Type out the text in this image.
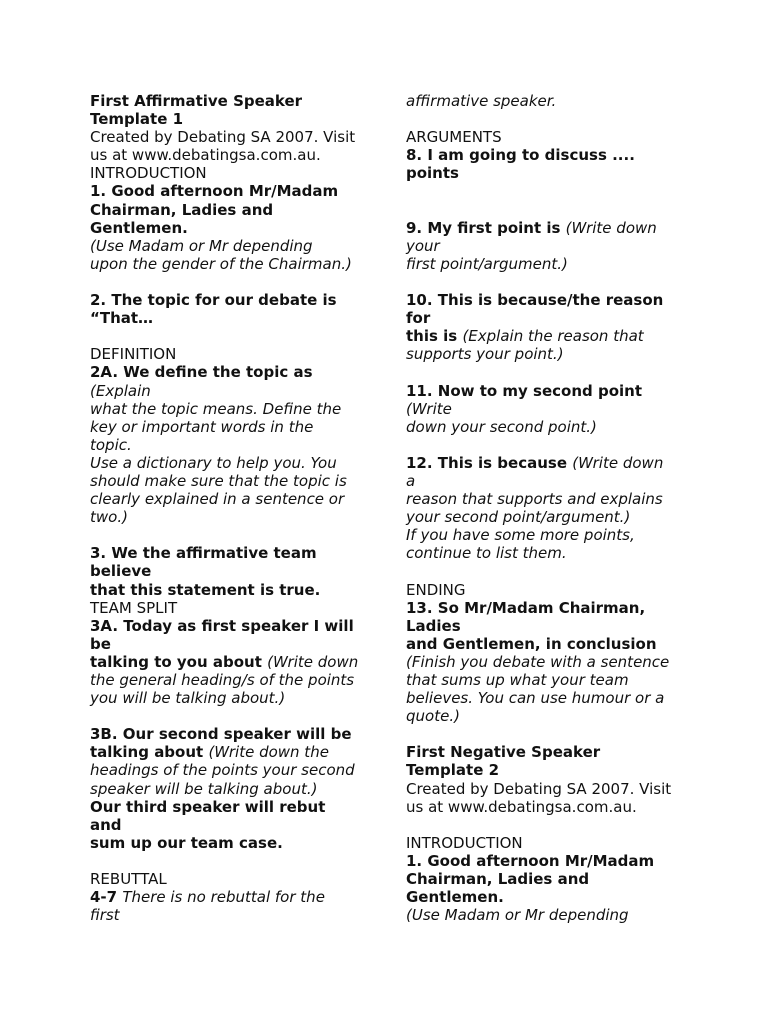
First Affirmative Speaker
Template 1
Created by Debating SA 2007. Visit
us at www.debatingsa.com.au.
INTRODUCTION
1. Good afternoon Mr/Madam
Chairman, Ladies and
Gentlemen.
(Use Madam or Mr depending
upon the gender of the Chairman.)
2. The topic for our debate is
“That…
DEFINITION
2A. We define the topic as
(Explain
what the topic means. Define the
key or important words in the
topic.
Use a dictionary to help you. You
should make sure that the topic is
clearly explained in a sentence or
two.)
3. We the affirmative team
believe
that this statement is true.
TEAM SPLIT
3A. Today as first speaker I will
be
talking to you about (Write down
the general heading/s of the points
you will be talking about.)
3B. Our second speaker will be
talking about (Write down the
headings of the points your second
speaker will be talking about.)
Our third speaker will rebut
and
sum up our team case.
REBUTTAL
4-7 There is no rebuttal for the
first
affirmative speaker.
ARGUMENTS
8. I am going to discuss ....
points
9. My first point is (Write down
your
first point/argument.)
10. This is because/the reason
for
this is (Explain the reason that
supports your point.)
11. Now to my second point
(Write
down your second point.)
12. This is because (Write down
a
reason that supports and explains
your second point/argument.)
If you have some more points,
continue to list them.
ENDING
13. So Mr/Madam Chairman,
Ladies
and Gentlemen, in conclusion
(Finish you debate with a sentence
that sums up what your team
believes. You can use humour or a
quote.)
First Negative Speaker
Template 2
Created by Debating SA 2007. Visit
us at www.debatingsa.com.au.
INTRODUCTION
1. Good afternoon Mr/Madam
Chairman, Ladies and
Gentlemen.
(Use Madam or Mr depending
